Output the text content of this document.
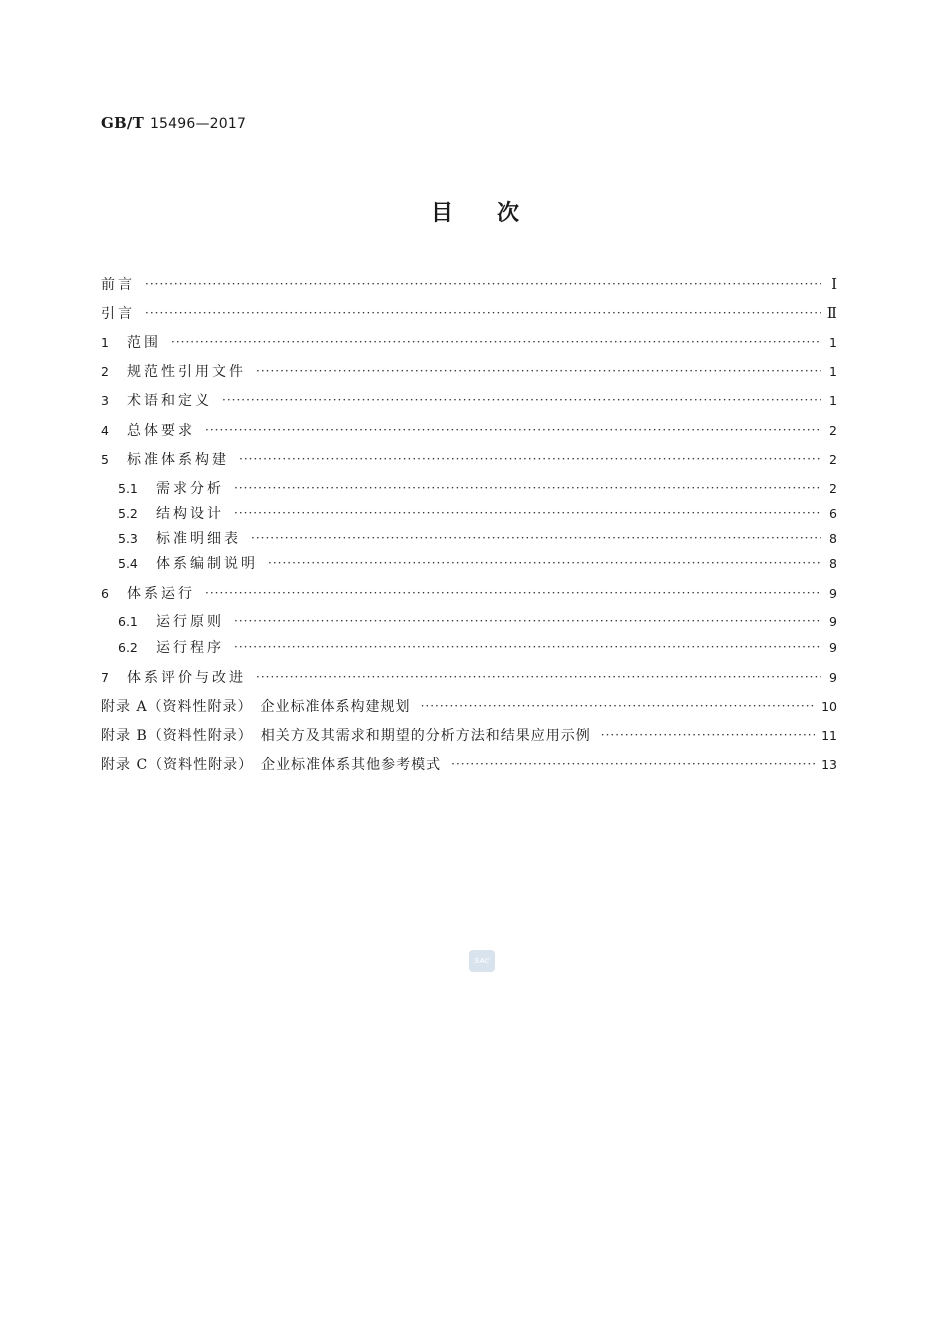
GB/T 15496—2017
目次
前言 ·····	Ⅰ
引言 ·····	Ⅱ
1	范围 ·····	1
2	规范性引用文件 ·····	1
3	术语和定义 ·····	1
4	总体要求 ·····	2
5	标准体系构建 ·····	2
5.1	需求分析 ·····	2
5.2	结构设计 ·····	6
5.3	标准明细表 ·····	8
5.4	体系编制说明 ·····	8
6	体系运行 ·····	9
6.1	运行原则 ·····	9
6.2	运行程序 ·····	9
7	体系评价与改进 ·····	9
附录 A（资料性附录）　企业标准体系构建规划 ·····	10
附录 B（资料性附录）　相关方及其需求和期望的分析方法和结果应用示例 ·····	11
附录 C（资料性附录）　企业标准体系其他参考模式 ·····	13
SAC
